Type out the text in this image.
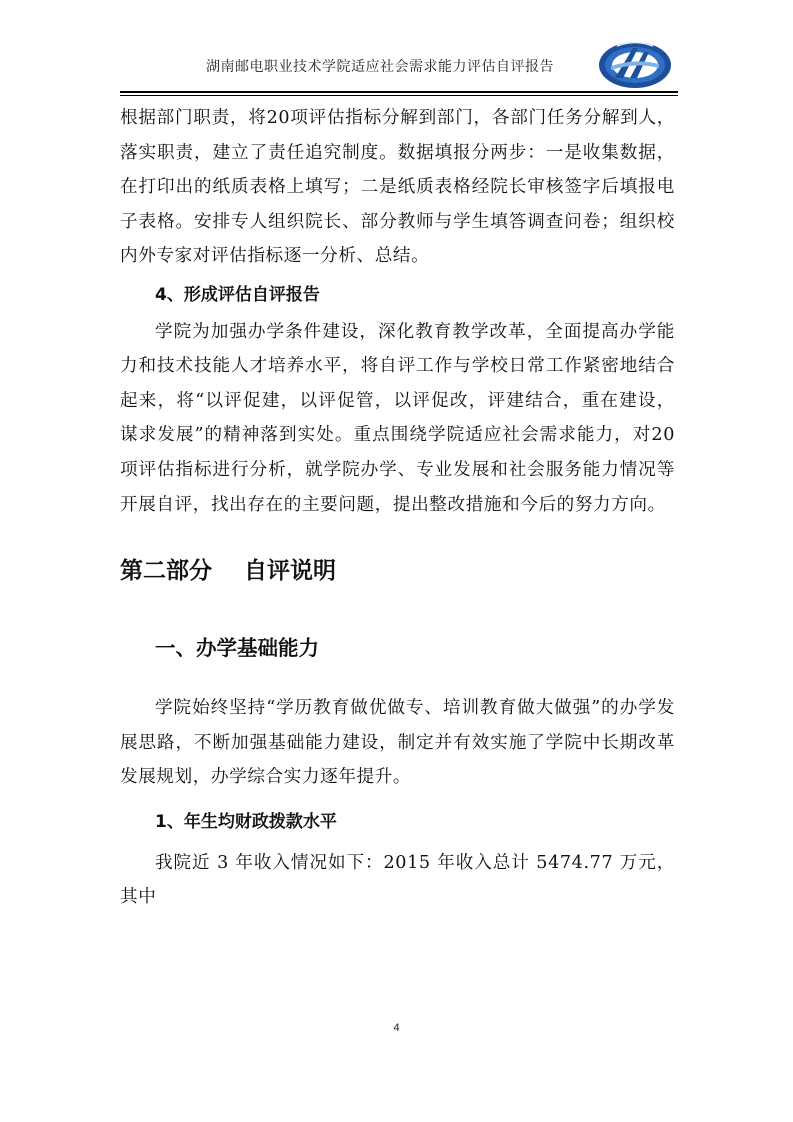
湖南邮电职业技术学院适应社会需求能力评估自评报告

根据部门职责，将20项评估指标分解到部门，各部门任务分解到人，落实职责，建立了责任追究制度。数据填报分两步：一是收集数据，在打印出的纸质表格上填写；二是纸质表格经院长审核签字后填报电子表格。安排专人组织院长、部分教师与学生填答调查问卷；组织校内外专家对评估指标逐一分析、总结。

4、形成评估自评报告

学院为加强办学条件建设，深化教育教学改革，全面提高办学能力和技术技能人才培养水平，将自评工作与学校日常工作紧密地结合起来，将“以评促建，以评促管，以评促改，评建结合，重在建设，谋求发展”的精神落到实处。重点围绕学院适应社会需求能力，对20 项评估指标进行分析，就学院办学、专业发展和社会服务能力情况等开展自评，找出存在的主要问题，提出整改措施和今后的努力方向。

第二部分    自评说明

一、办学基础能力

学院始终坚持“学历教育做优做专、培训教育做大做强”的办学发展思路，不断加强基础能力建设，制定并有效实施了学院中长期改革发展规划，办学综合实力逐年提升。

1、年生均财政拨款水平

我院近 3 年收入情况如下：2015 年收入总计 5474.77 万元，其中

4
